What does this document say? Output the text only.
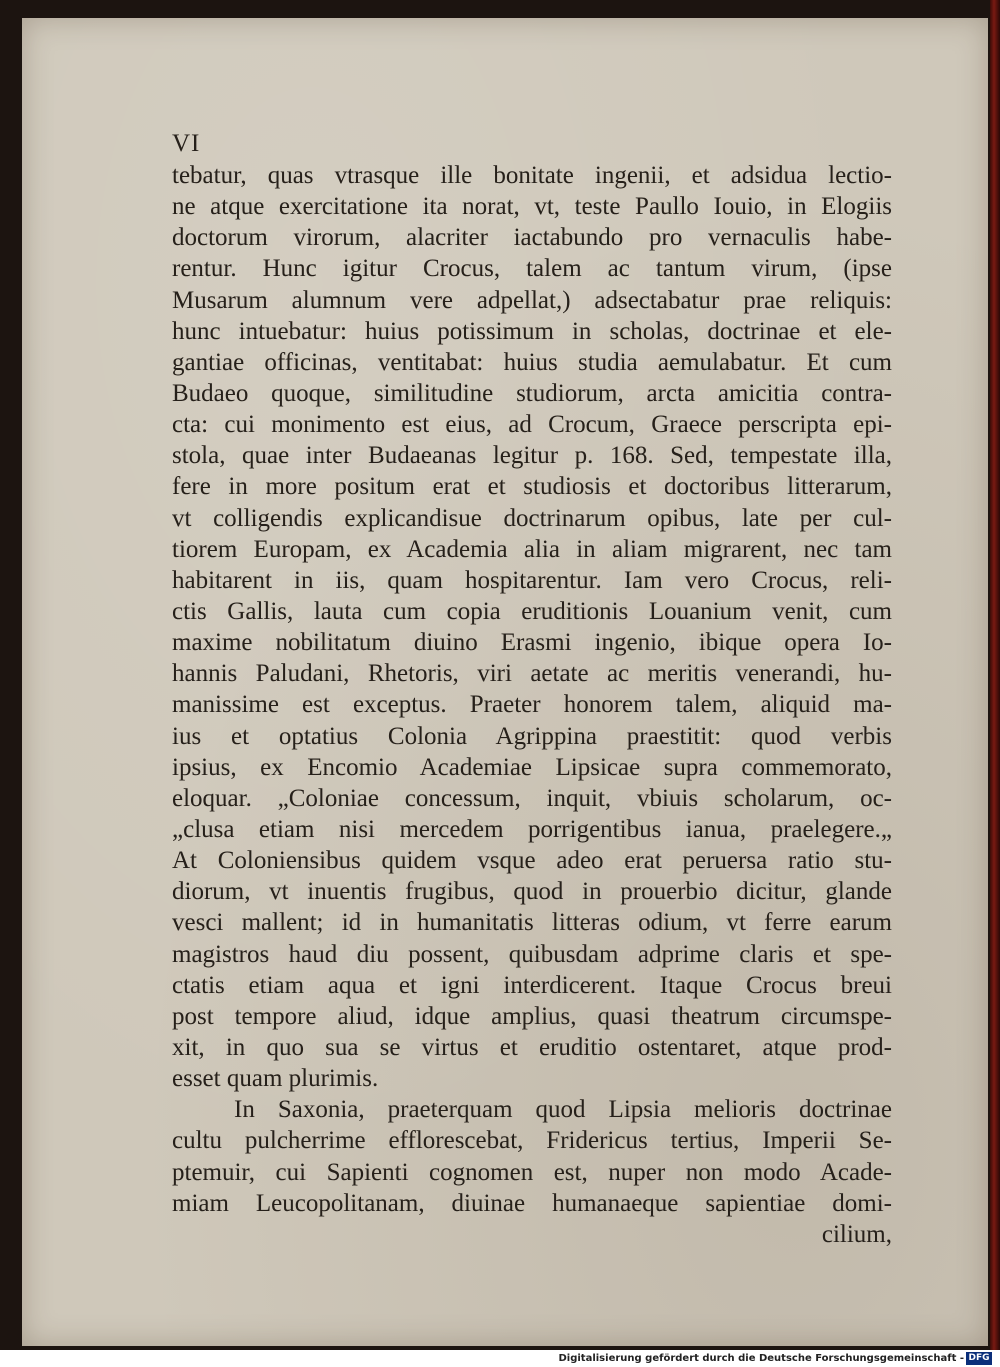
VI
tebatur, quas vtrasque ille bonitate ingenii, et adsidua lectio-
ne atque exercitatione ita norat, vt, teste Paullo Iouio, in Elogiis
doctorum virorum, alacriter iactabundo pro vernaculis habe-
rentur. Hunc igitur Crocus, talem ac tantum virum, (ipse
Musarum alumnum vere adpellat,) adsectabatur prae reliquis:
hunc intuebatur: huius potissimum in scholas, doctrinae et ele-
gantiae officinas, ventitabat: huius studia aemulabatur. Et cum
Budaeo quoque, similitudine studiorum, arcta amicitia contra-
cta: cui monimento est eius, ad Crocum, Graece perscripta epi-
stola, quae inter Budaeanas legitur p. 168. Sed, tempestate illa,
fere in more positum erat et studiosis et doctoribus litterarum,
vt colligendis explicandisue doctrinarum opibus, late per cul-
tiorem Europam, ex Academia alia in aliam migrarent, nec tam
habitarent in iis, quam hospitarentur. Iam vero Crocus, reli-
ctis Gallis, lauta cum copia eruditionis Louanium venit, cum
maxime nobilitatum diuino Erasmi ingenio, ibique opera Io-
hannis Paludani, Rhetoris, viri aetate ac meritis venerandi, hu-
manissime est exceptus. Praeter honorem talem, aliquid ma-
ius et optatius Colonia Agrippina praestitit: quod verbis
ipsius, ex Encomio Academiae Lipsicae supra commemorato,
eloquar. „Coloniae concessum, inquit, vbiuis scholarum, oc-
„clusa etiam nisi mercedem porrigentibus ianua, praelegere.„
At Coloniensibus quidem vsque adeo erat peruersa ratio stu-
diorum, vt inuentis frugibus, quod in prouerbio dicitur, glande
vesci mallent; id in humanitatis litteras odium, vt ferre earum
magistros haud diu possent, quibusdam adprime claris et spe-
ctatis etiam aqua et igni interdicerent. Itaque Crocus breui
post tempore aliud, idque amplius, quasi theatrum circumspe-
xit, in quo sua se virtus et eruditio ostentaret, atque prod-
esset quam plurimis.
In Saxonia, praeterquam quod Lipsia melioris doctrinae
cultu pulcherrime efflorescebat, Fridericus tertius, Imperii Se-
ptemuir, cui Sapienti cognomen est, nuper non modo Acade-
miam Leucopolitanam, diuinae humanaeque sapientiae domi-
cilium,
Digitalisierung gefördert durch die Deutsche Forschungsgemeinschaft - DFG
